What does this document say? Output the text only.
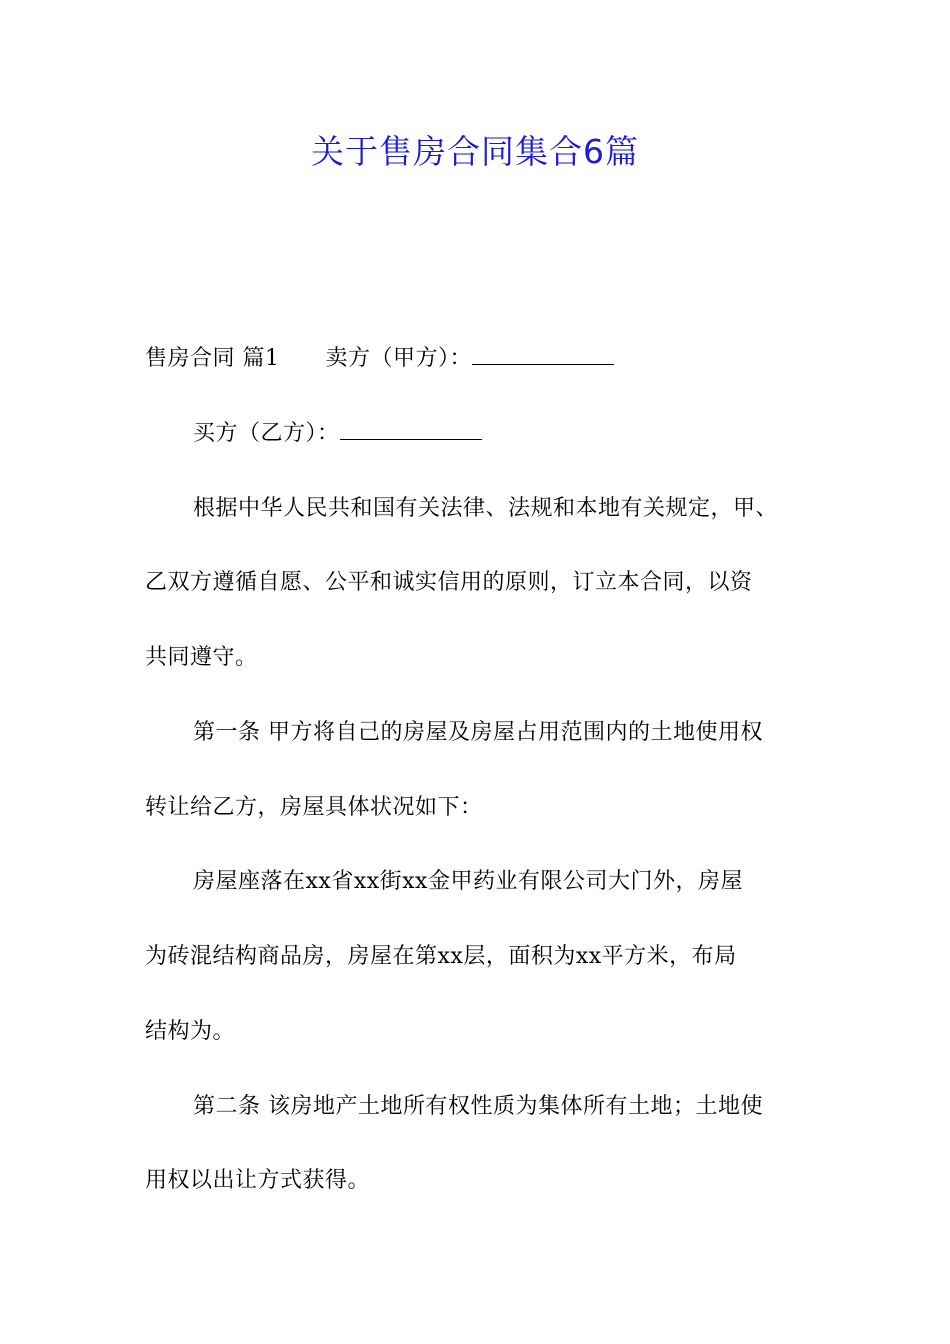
关于售房合同集合6篇
售房合同 篇1 卖方（甲方）：
买方（乙方）：
根据中华人民共和国有关法律、法规和本地有关规定，甲、
乙双方遵循自愿、公平和诚实信用的原则，订立本合同，以资
共同遵守。
第一条 甲方将自己的房屋及房屋占用范围内的土地使用权
转让给乙方，房屋具体状况如下：
房屋座落在xx省xx街xx金甲药业有限公司大门外，房屋
为砖混结构商品房，房屋在第xx层，面积为xx平方米，布局
结构为。
第二条 该房地产土地所有权性质为集体所有土地；土地使
用权以出让方式获得。
